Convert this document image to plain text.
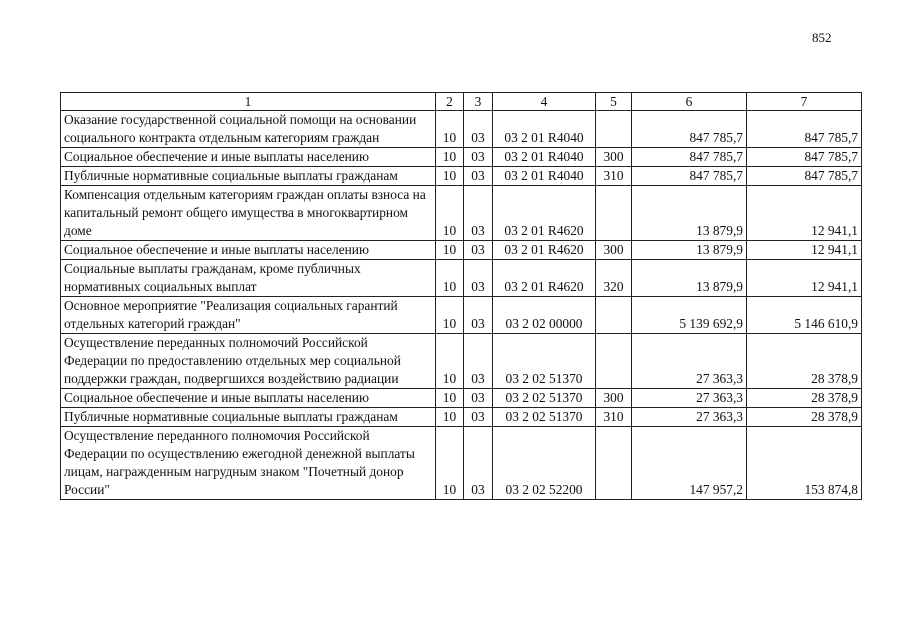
852
1	2	3	4	5	6	7
Оказание государственной социальной помощи на основании социального контракта отдельным категориям граждан	10	03	03 2 01 R4040		847 785,7	847 785,7
Социальное обеспечение и иные выплаты населению	10	03	03 2 01 R4040	300	847 785,7	847 785,7
Публичные нормативные социальные выплаты гражданам	10	03	03 2 01 R4040	310	847 785,7	847 785,7
Компенсация отдельным категориям граждан оплаты взноса на капитальный ремонт общего имущества в многоквартирном доме	10	03	03 2 01 R4620		13 879,9	12 941,1
Социальное обеспечение и иные выплаты населению	10	03	03 2 01 R4620	300	13 879,9	12 941,1
Социальные выплаты гражданам, кроме публичных нормативных социальных выплат	10	03	03 2 01 R4620	320	13 879,9	12 941,1
Основное мероприятие "Реализация социальных гарантий отдельных категорий граждан"	10	03	03 2 02 00000		5 139 692,9	5 146 610,9
Осуществление переданных полномочий Российской Федерации по предоставлению отдельных мер социальной поддержки граждан, подвергшихся воздействию радиации	10	03	03 2 02 51370		27 363,3	28 378,9
Социальное обеспечение и иные выплаты населению	10	03	03 2 02 51370	300	27 363,3	28 378,9
Публичные нормативные социальные выплаты гражданам	10	03	03 2 02 51370	310	27 363,3	28 378,9
Осуществление переданного полномочия Российской Федерации по осуществлению ежегодной денежной выплаты лицам, награжденным нагрудным знаком "Почетный донор России"	10	03	03 2 02 52200		147 957,2	153 874,8
